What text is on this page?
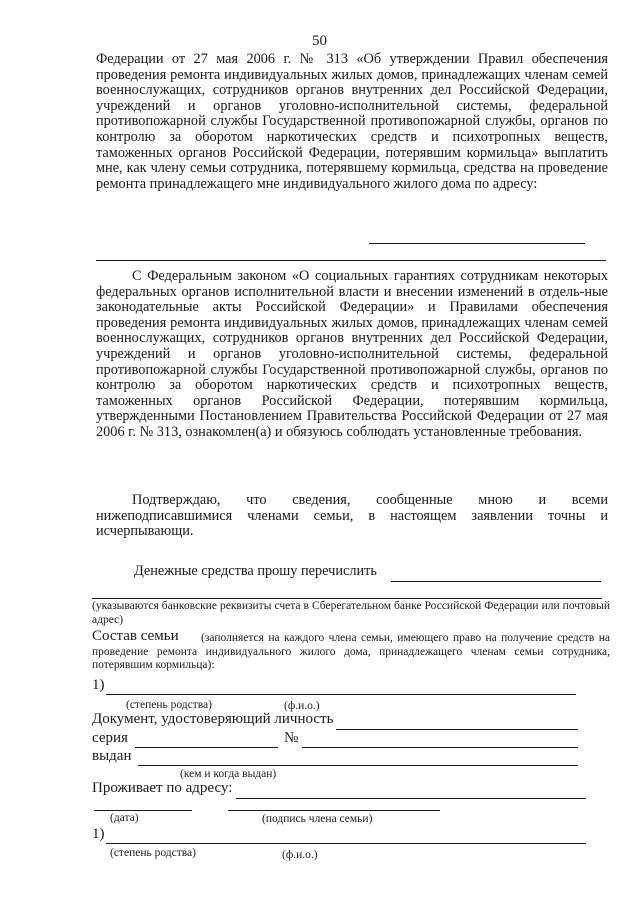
50
Федерации от 27 мая 2006 г. № 313 «Об утверждении Правил обеспечения проведения ремонта индивидуальных жилых домов, принадлежащих членам семей военнослужащих, сотрудников органов внутренних дел Российской Федерации, учреждений и органов уголовно-исполнительной системы, федеральной противопожарной службы Государственной противопожарной службы, органов по контролю за оборотом наркотических средств и психотропных веществ, таможенных органов Российской Федерации, потерявшим кормильца» выплатить мне, как члену семьи сотрудника, потерявшему кормильца, средства на проведение ремонта принадлежащего мне индивидуального жилого дома по адресу:
С Федеральным законом «О социальных гарантиях сотрудникам некоторых федеральных органов исполнительной власти и внесении изменений в отдель-ные законодательные акты Российской Федерации» и Правилами обеспечения проведения ремонта индивидуальных жилых домов, принадлежащих членам семей военнослужащих, сотрудников органов внутренних дел Российской Федерации, учреждений и органов уголовно-исполнительной системы, федеральной противопожарной службы Государственной противопожарной службы, органов по контролю за оборотом наркотических средств и психотропных веществ, таможенных органов Российской Федерации, потерявшим кормильца, утвержденными Постановлением Правительства Российской Федерации от 27 мая 2006 г. № 313, ознакомлен(а) и обязуюсь соблюдать установленные требования.
Подтверждаю, что сведения, сообщенные мною и всеми нижеподписавшимися членами семьи, в настоящем заявлении точны и исчерпывающи.
Денежные средства прошу перечислить
(указываются банковские реквизиты счета в Сберегательном банке Российской Федерации или почтовый адрес)
Состав семьи	(заполняется на каждого члена семьи, имеющего право на получение средств на проведение ремонта индивидуального жилого дома, принадлежащего членам семьи сотрудника, потерявшим кормильца):
1)
(степень родства)	(ф.и.о.)
Документ, удостоверяющий личность
серия	№
выдан
(кем и когда выдан)
Проживает по адресу:
(дата)	(подпись члена семьи)
1)
(степень родства)	(ф.и.о.)
